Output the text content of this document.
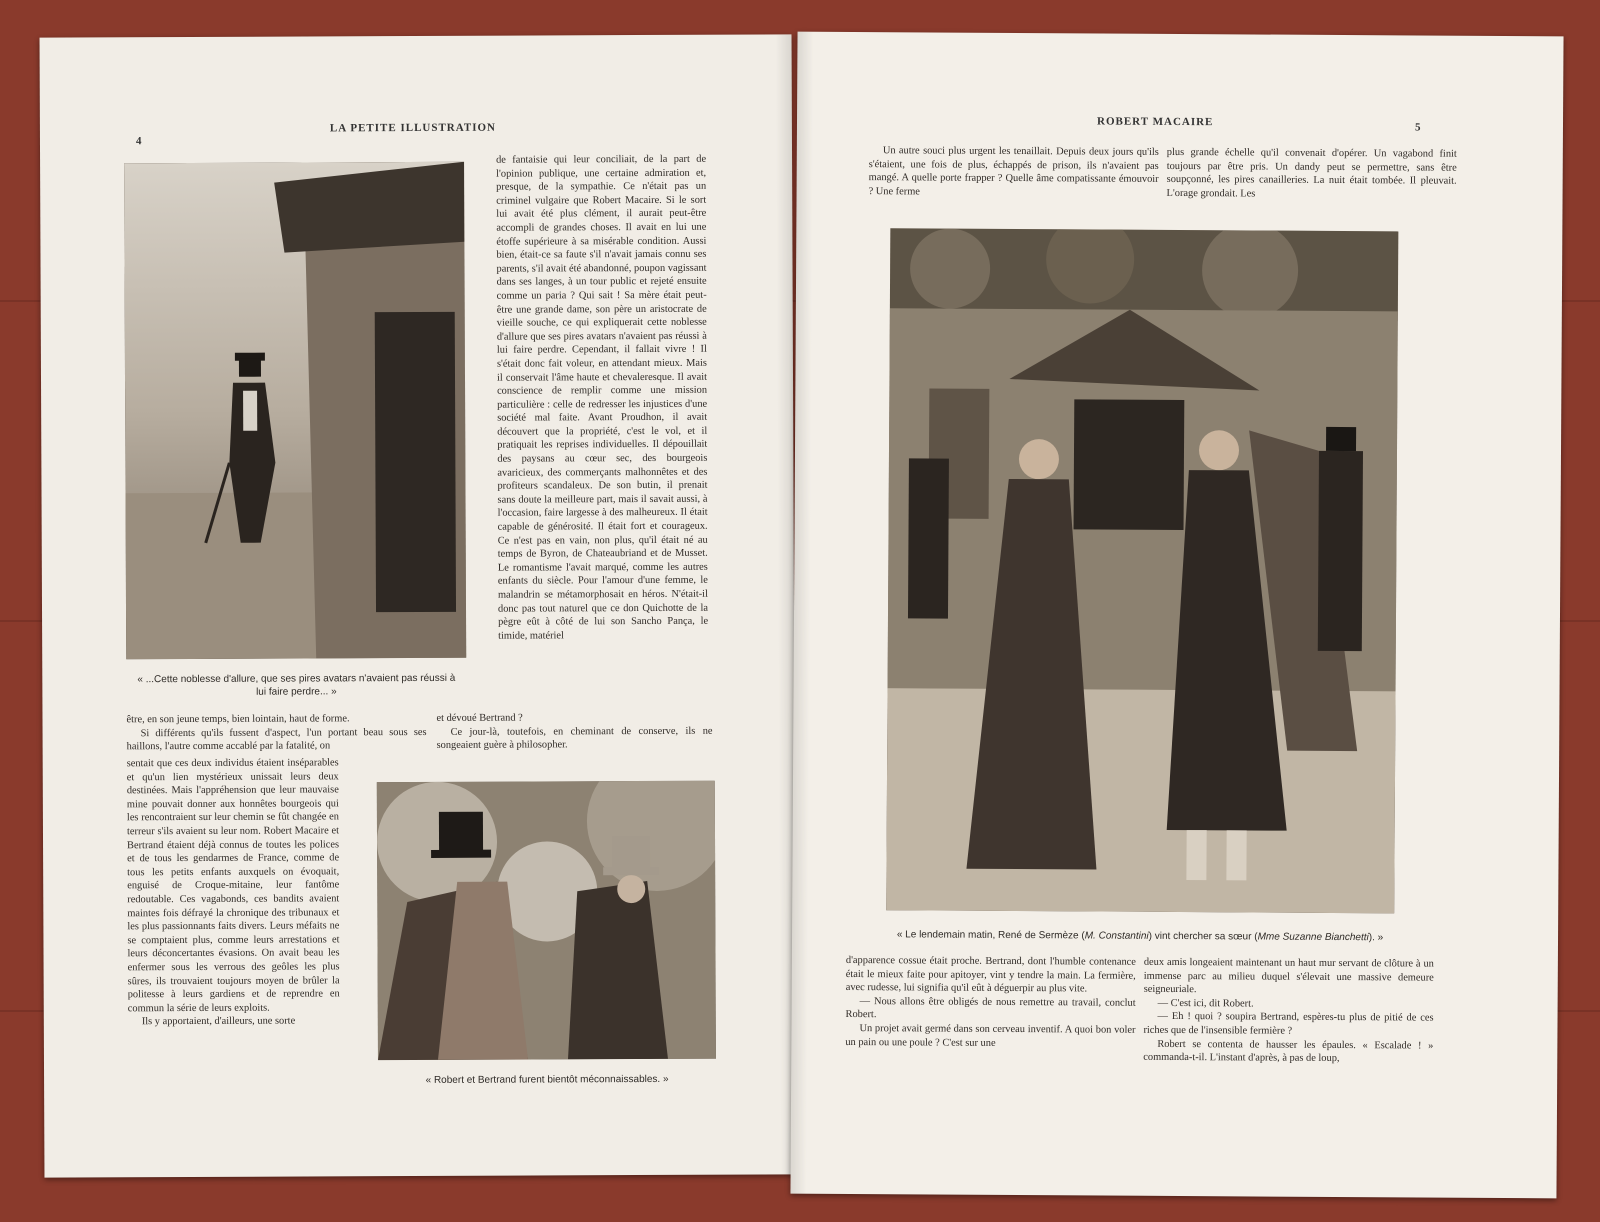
4
LA PETITE ILLUSTRATION
« ...Cette noblesse d'allure, que ses pires avatars n'avaient pas réussi à lui faire perdre... »

de fantaisie qui leur conciliait, de la part de l'opinion publique, une certaine admiration et, presque, de la sympathie. Ce n'était pas un criminel vulgaire que Robert Macaire. Si le sort lui avait été plus clément, il aurait peut-être accompli de grandes choses. Il avait en lui une étoffe supérieure à sa misérable condition. Aussi bien, était-ce sa faute s'il n'avait jamais connu ses parents, s'il avait été abandonné, poupon vagissant dans ses langes, à un tour public et rejeté ensuite comme un paria ? Qui sait ! Sa mère était peut-être une grande dame, son père un aristocrate de vieille souche, ce qui expliquerait cette noblesse d'allure que ses pires avatars n'avaient pas réussi à lui faire perdre. Cependant, il fallait vivre ! Il s'était donc fait voleur, en attendant mieux. Mais il conservait l'âme haute et chevaleresque. Il avait conscience de remplir comme une mission particulière : celle de redresser les injustices d'une société mal faite. Avant Proudhon, il avait découvert que la propriété, c'est le vol, et il pratiquait les reprises individuelles. Il dépouillait des paysans au cœur sec, des bourgeois avaricieux, des commerçants malhonnêtes et des profiteurs scandaleux. De son butin, il prenait sans doute la meilleure part, mais il savait aussi, à l'occasion, faire largesse à des malheureux. Il était capable de générosité. Il était fort et courageux. Ce n'est pas en vain, non plus, qu'il était né au temps de Byron, de Chateaubriand et de Musset. Le romantisme l'avait marqué, comme les autres enfants du siècle. Pour l'amour d'une femme, le malandrin se métamorphosait en héros. N'était-il donc pas tout naturel que ce don Quichotte de la pègre eût à côté de lui son Sancho Pança, le timide, matériel

être, en son jeune temps, bien lointain, haut de forme.

Si différents qu'ils fussent d'aspect, l'un portant beau sous ses haillons, l'autre comme accablé par la fatalité, on

et dévoué Bertrand ?

Ce jour-là, toutefois, en cheminant de conserve, ils ne songeaient guère à philosopher.

sentait que ces deux individus étaient inséparables et qu'un lien mystérieux unissait leurs deux destinées. Mais l'appréhension que leur mauvaise mine pouvait donner aux honnêtes bourgeois qui les rencontraient sur leur chemin se fût changée en terreur s'ils avaient su leur nom. Robert Macaire et Bertrand étaient déjà connus de toutes les polices et de tous les gendarmes de France, comme de tous les petits enfants auxquels on évoquait, enguisé de Croque-mitaine, leur fantôme redoutable. Ces vagabonds, ces bandits avaient maintes fois défrayé la chronique des tribunaux et les plus passionnants faits divers. Leurs méfaits ne se comptaient plus, comme leurs arrestations et leurs déconcertantes évasions. On avait beau les enfermer sous les verrous des geôles les plus sûres, ils trouvaient toujours moyen de brûler la politesse à leurs gardiens et de reprendre en commun la série de leurs exploits.

Ils y apportaient, d'ailleurs, une sorte

« Robert et Bertrand furent bientôt méconnaissables. »
ROBERT MACAIRE	5

Un autre souci plus urgent les tenaillait. Depuis deux jours qu'ils s'étaient, une fois de plus, échappés de prison, ils n'avaient pas mangé. A quelle porte frapper ? Quelle âme compatissante émouvoir ? Une ferme

plus grande échelle qu'il convenait d'opérer. Un vagabond finit toujours par être pris. Un dandy peut se permettre, sans être soupçonné, les pires canailleries. La nuit était tombée. Il pleuvait. L'orage grondait. Les

« Le lendemain matin, René de Sermèze (M. Constantini) vint chercher sa sœur (Mme Suzanne Bianchetti). »

d'apparence cossue était proche. Bertrand, dont l'humble contenance était le mieux faite pour apitoyer, vint y tendre la main. La fermière, avec rudesse, lui signifia qu'il eût à déguerpir au plus vite.

— Nous allons être obligés de nous remettre au travail, conclut Robert.

Un projet avait germé dans son cerveau inventif. A quoi bon voler un pain ou une poule ? C'est sur une

deux amis longeaient maintenant un haut mur servant de clôture à un immense parc au milieu duquel s'élevait une massive demeure seigneuriale.

— C'est ici, dit Robert.

— Eh ! quoi ? soupira Bertrand, espères-tu plus de pitié de ces riches que de l'insensible fermière ?

Robert se contenta de hausser les épaules. « Escalade ! » commanda-t-il. L'instant d'après, à pas de loup,
